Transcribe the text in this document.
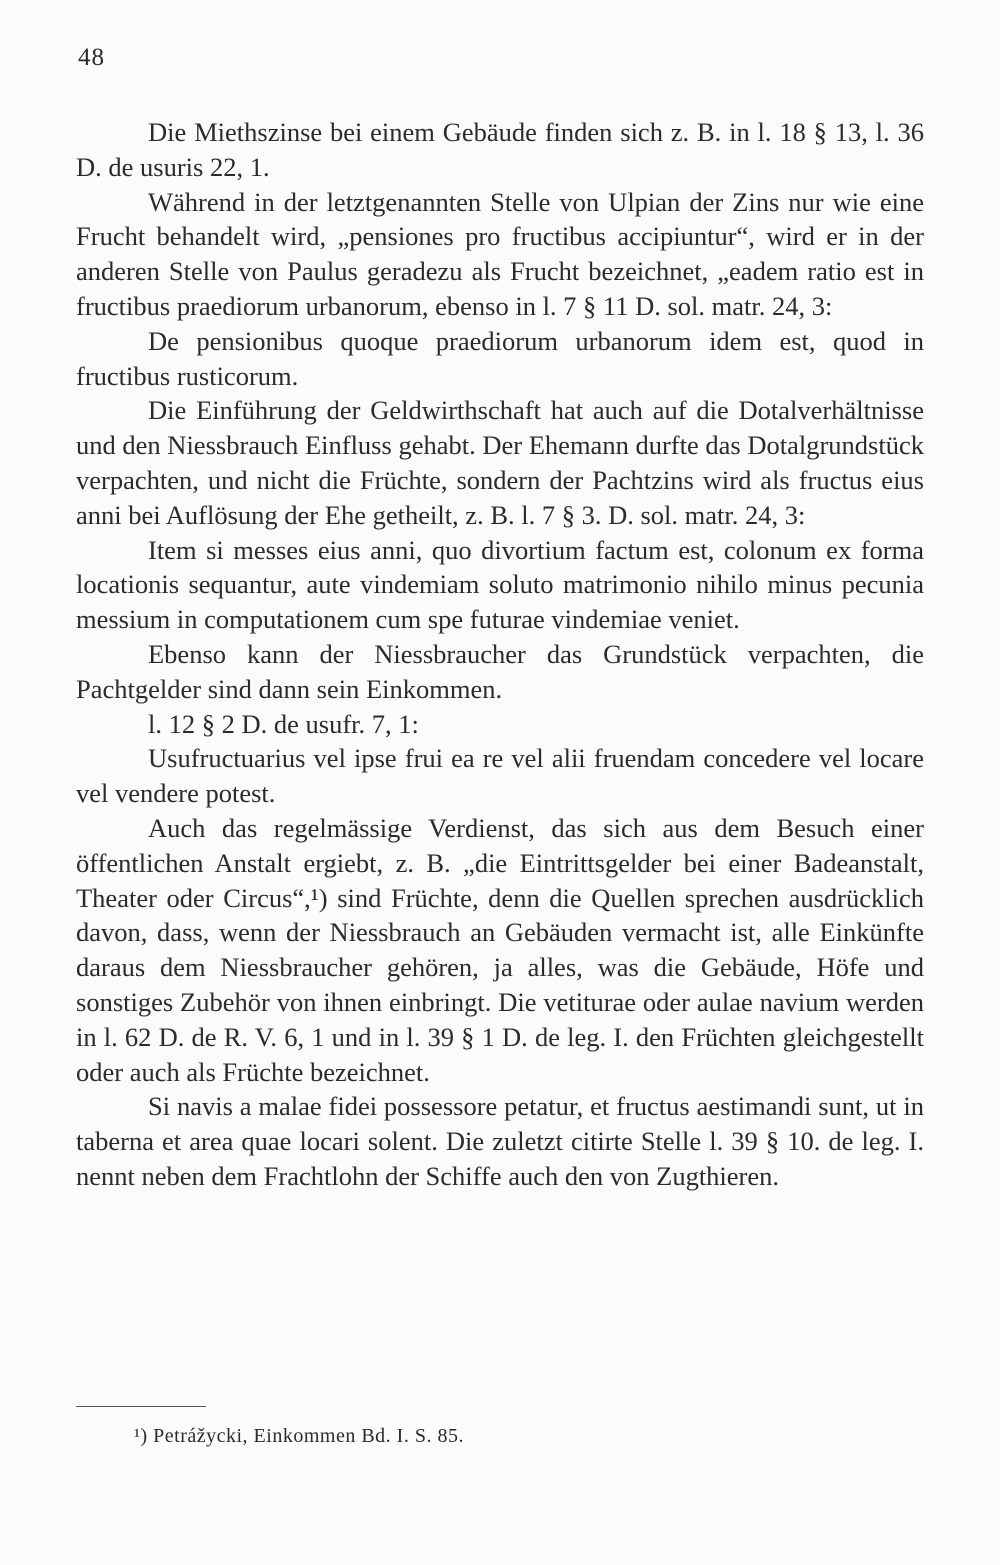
48

Die Miethszinse bei einem Gebäude finden sich z. B. in l. 18 § 13, l. 36 D. de usuris 22, 1.

Während in der letztgenannten Stelle von Ulpian der Zins nur wie eine Frucht behandelt wird, „pensiones pro fructibus accipiuntur“, wird er in der anderen Stelle von Paulus geradezu als Frucht bezeichnet, „eadem ratio est in fructibus praediorum urbanorum, ebenso in l. 7 § 11 D. sol. matr. 24, 3:

De pensionibus quoque praediorum urbanorum idem est, quod in fructibus rusticorum.

Die Einführung der Geldwirthschaft hat auch auf die Dotalverhältnisse und den Niessbrauch Einfluss gehabt. Der Ehemann durfte das Dotalgrundstück verpachten, und nicht die Früchte, sondern der Pachtzins wird als fructus eius anni bei Auflösung der Ehe getheilt, z. B. l. 7 § 3. D. sol. matr. 24, 3:

Item si messes eius anni, quo divortium factum est, colonum ex forma locationis sequantur, aute vindemiam soluto matrimonio nihilo minus pecunia messium in computationem cum spe futurae vindemiae veniet.

Ebenso kann der Niessbraucher das Grundstück verpachten, die Pachtgelder sind dann sein Einkommen.

l. 12 § 2 D. de usufr. 7, 1:

Usufructuarius vel ipse frui ea re vel alii fruendam concedere vel locare vel vendere potest.

Auch das regelmässige Verdienst, das sich aus dem Besuch einer öffentlichen Anstalt ergiebt, z. B. „die Eintrittsgelder bei einer Badeanstalt, Theater oder Circus“,¹) sind Früchte, denn die Quellen sprechen ausdrücklich davon, dass, wenn der Niessbrauch an Gebäuden vermacht ist, alle Einkünfte daraus dem Niessbraucher gehören, ja alles, was die Gebäude, Höfe und sonstiges Zubehör von ihnen einbringt. Die vetiturae oder aulae navium werden in l. 62 D. de R. V. 6, 1 und in l. 39 § 1 D. de leg. I. den Früchten gleichgestellt oder auch als Früchte bezeichnet.

Si navis a malae fidei possessore petatur, et fructus aestimandi sunt, ut in taberna et area quae locari solent. Die zuletzt citirte Stelle l. 39 § 10. de leg. I. nennt neben dem Frachtlohn der Schiffe auch den von Zugthieren.

¹) Petrážycki, Einkommen Bd. I. S. 85.
